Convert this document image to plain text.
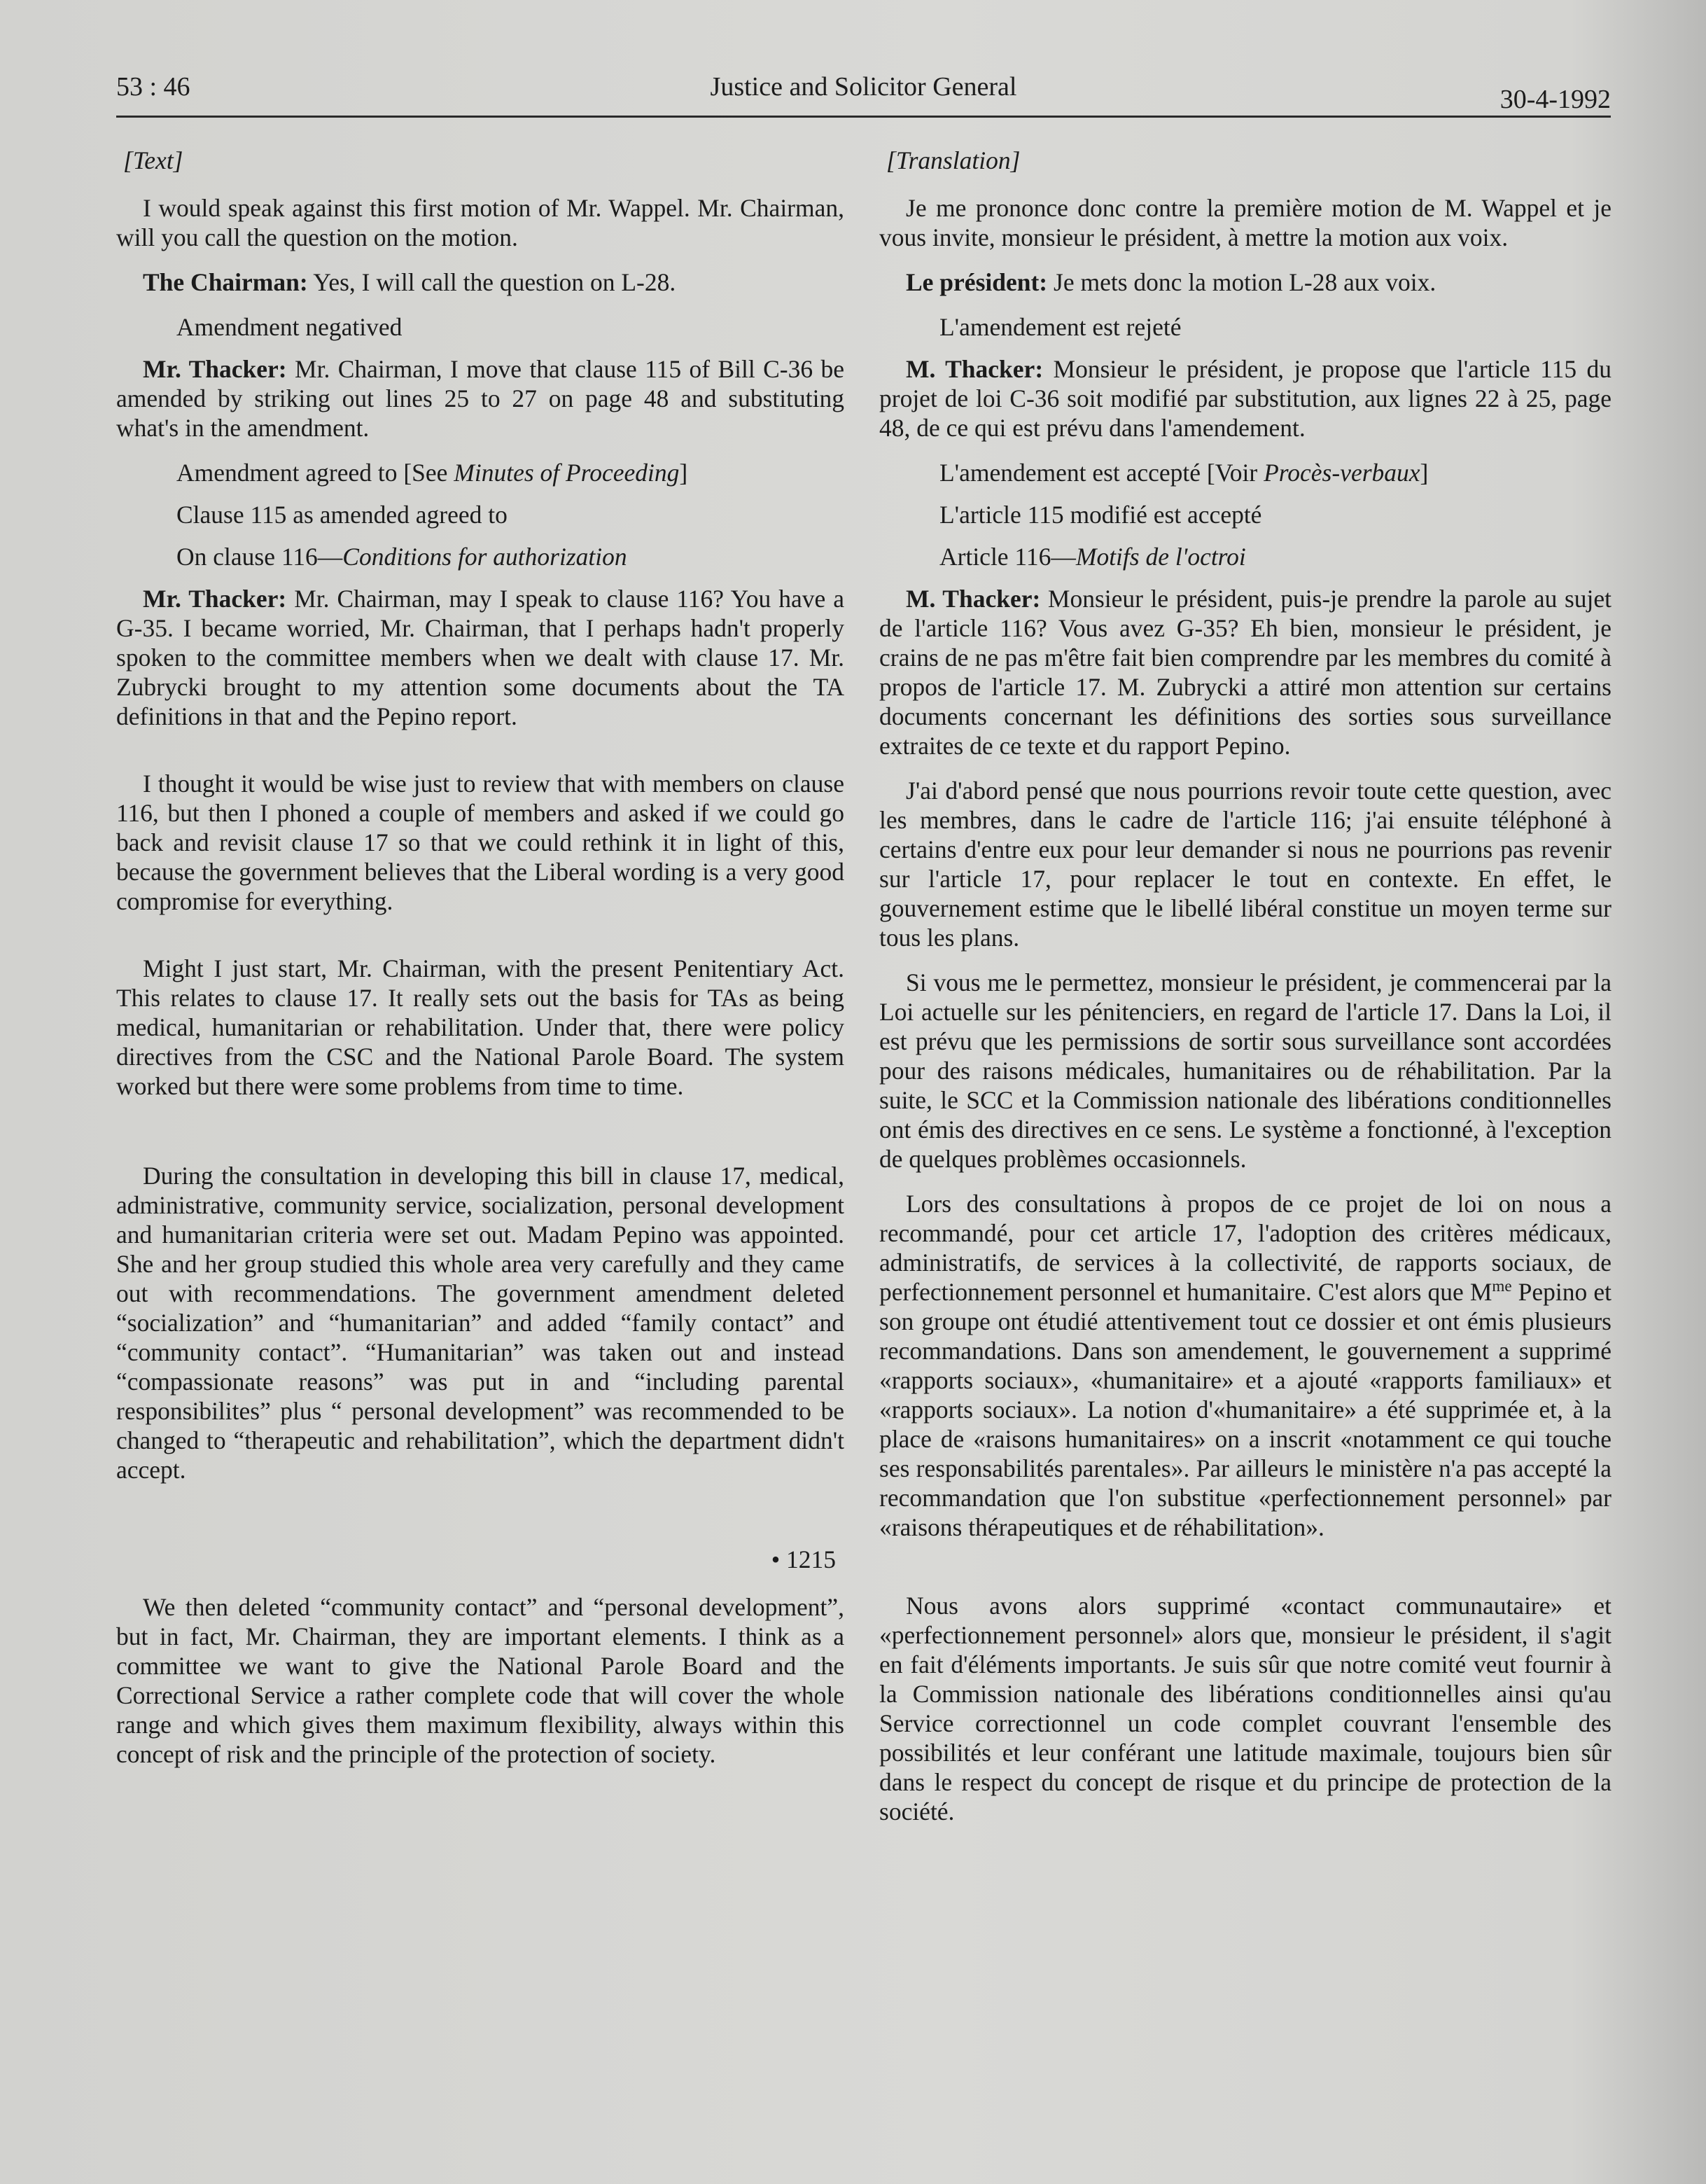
53 : 46	Justice and Solicitor General	30-4-1992
[Text]

I would speak against this first motion of Mr. Wappel. Mr. Chairman, will you call the question on the motion.

The Chairman: Yes, I will call the question on L-28.

Amendment negatived

Mr. Thacker: Mr. Chairman, I move that clause 115 of Bill C-36 be amended by striking out lines 25 to 27 on page 48 and substituting what's in the amendment.

Amendment agreed to [See Minutes of Proceeding]
Clause 115 as amended agreed to
On clause 116—Conditions for authorization

Mr. Thacker: Mr. Chairman, may I speak to clause 116? You have a G-35. I became worried, Mr. Chairman, that I perhaps hadn't properly spoken to the committee members when we dealt with clause 17. Mr. Zubrycki brought to my attention some documents about the TA definitions in that and the Pepino report.

I thought it would be wise just to review that with members on clause 116, but then I phoned a couple of members and asked if we could go back and revisit clause 17 so that we could rethink it in light of this, because the government believes that the Liberal wording is a very good compromise for everything.

Might I just start, Mr. Chairman, with the present Penitentiary Act. This relates to clause 17. It really sets out the basis for TAs as being medical, humanitarian or rehabilitation. Under that, there were policy directives from the CSC and the National Parole Board. The system worked but there were some problems from time to time.

During the consultation in developing this bill in clause 17, medical, administrative, community service, socialization, personal development and humanitarian criteria were set out. Madam Pepino was appointed. She and her group studied this whole area very carefully and they came out with recommendations. The government amendment deleted “socialization” and “humanitarian” and added “family contact” and “community contact”. “Humanitarian” was taken out and instead “compassionate reasons” was put in and “including parental responsibilites” plus “ personal development” was recommended to be changed to “therapeutic and rehabilitation”, which the department didn't accept.

• 1215

We then deleted “community contact” and “personal development”, but in fact, Mr. Chairman, they are important elements. I think as a committee we want to give the National Parole Board and the Correctional Service a rather complete code that will cover the whole range and which gives them maximum flexibility, always within this concept of risk and the principle of the protection of society.

[Translation]

Je me prononce donc contre la première motion de M. Wappel et je vous invite, monsieur le président, à mettre la motion aux voix.

Le président: Je mets donc la motion L-28 aux voix.

L'amendement est rejeté

M. Thacker: Monsieur le président, je propose que l'article 115 du projet de loi C-36 soit modifié par substitution, aux lignes 22 à 25, page 48, de ce qui est prévu dans l'amendement.

L'amendement est accepté [Voir Procès-verbaux]
L'article 115 modifié est accepté
Article 116—Motifs de l'octroi

M. Thacker: Monsieur le président, puis-je prendre la parole au sujet de l'article 116? Vous avez G-35? Eh bien, monsieur le président, je crains de ne pas m'être fait bien comprendre par les membres du comité à propos de l'article 17. M. Zubrycki a attiré mon attention sur certains documents concernant les définitions des sorties sous surveillance extraites de ce texte et du rapport Pepino.

J'ai d'abord pensé que nous pourrions revoir toute cette question, avec les membres, dans le cadre de l'article 116; j'ai ensuite téléphoné à certains d'entre eux pour leur demander si nous ne pourrions pas revenir sur l'article 17, pour replacer le tout en contexte. En effet, le gouvernement estime que le libellé libéral constitue un moyen terme sur tous les plans.

Si vous me le permettez, monsieur le président, je commencerai par la Loi actuelle sur les pénitenciers, en regard de l'article 17. Dans la Loi, il est prévu que les permissions de sortir sous surveillance sont accordées pour des raisons médicales, humanitaires ou de réhabilitation. Par la suite, le SCC et la Commission nationale des libérations conditionnelles ont émis des directives en ce sens. Le système a fonctionné, à l'exception de quelques problèmes occasionnels.

Lors des consultations à propos de ce projet de loi on nous a recommandé, pour cet article 17, l'adoption des critères médicaux, administratifs, de services à la collectivité, de rapports sociaux, de perfectionnement personnel et humanitaire. C'est alors que $M^{me}$ Pepino et son groupe ont étudié attentivement tout ce dossier et ont émis plusieurs recommandations. Dans son amendement, le gouvernement a supprimé «rapports sociaux», «humanitaire» et a ajouté «rapports familiaux» et «rapports sociaux». La notion d'«humanitaire» a été supprimée et, à la place de «raisons humanitaires» on a inscrit «notamment ce qui touche ses responsabilités parentales». Par ailleurs le ministère n'a pas accepté la recommandation que l'on substitue «perfectionnement personnel» par «raisons thérapeutiques et de réhabilitation».

Nous avons alors supprimé «contact communautaire» et «perfectionnement personnel» alors que, monsieur le président, il s'agit en fait d'éléments importants. Je suis sûr que notre comité veut fournir à la Commission nationale des libérations conditionnelles ainsi qu'au Service correctionnel un code complet couvrant l'ensemble des possibilités et leur conférant une latitude maximale, toujours bien sûr dans le respect du concept de risque et du principe de protection de la société.
